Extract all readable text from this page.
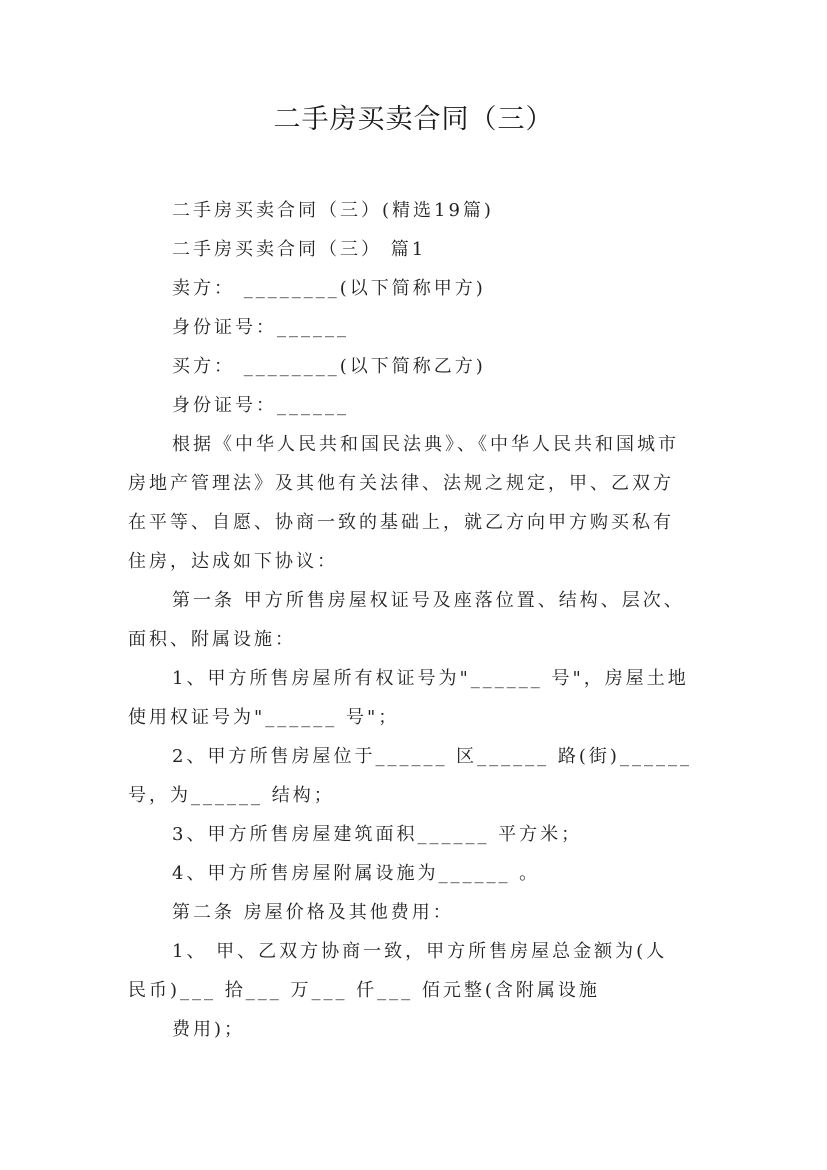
二手房买卖合同（三）
二手房买卖合同（三）(精选19篇)
二手房买卖合同（三） 篇1
卖方： ________(以下简称甲方)
身份证号：______
买方： ________(以下简称乙方)
身份证号：______
根据《中华人民共和国民法典》、《中华人民共和国城市
房地产管理法》及其他有关法律、法规之规定，甲、乙双方
在平等、自愿、协商一致的基础上，就乙方向甲方购买私有
住房，达成如下协议：
第一条 甲方所售房屋权证号及座落位置、结构、层次、
面积、附属设施：
1、甲方所售房屋所有权证号为"______ 号"，房屋土地
使用权证号为"______ 号"；
2、甲方所售房屋位于______ 区______ 路(街)______
号，为______ 结构；
3、甲方所售房屋建筑面积______ 平方米；
4、甲方所售房屋附属设施为______ 。
第二条 房屋价格及其他费用：
1、 甲、乙双方协商一致，甲方所售房屋总金额为(人
民币)___ 拾___ 万___ 仟___ 佰元整(含附属设施
费用)；
